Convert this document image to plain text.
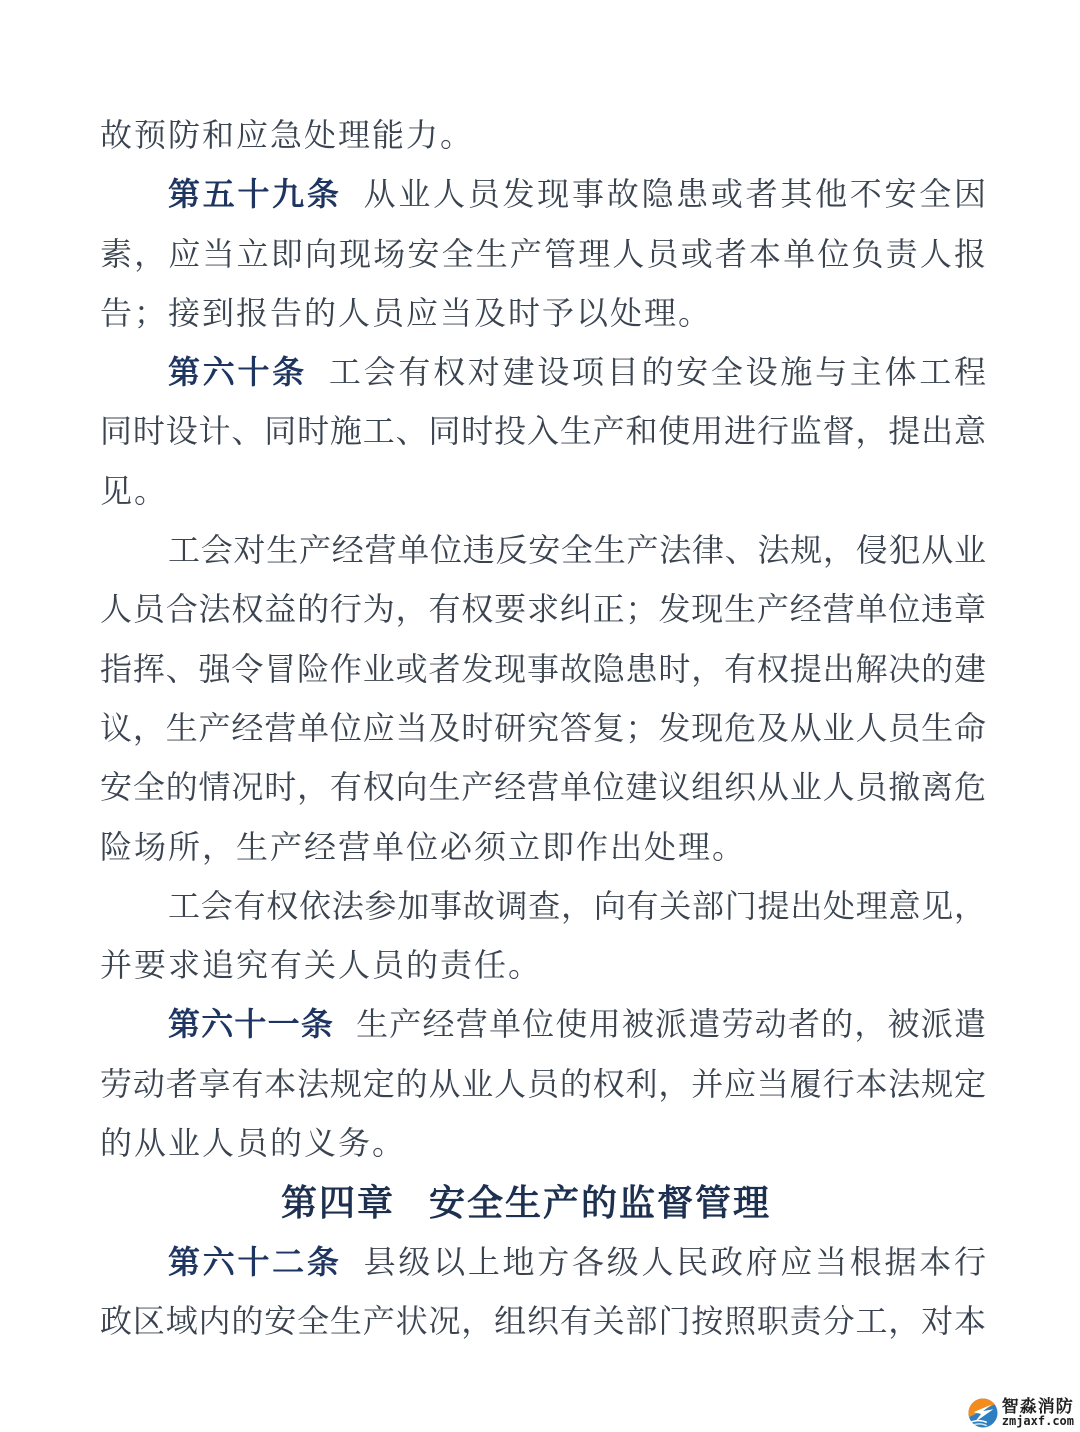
故预防和应急处理能力。
第五十九条 从业人员发现事故隐患或者其他不安全因
素，应当立即向现场安全生产管理人员或者本单位负责人报
告；接到报告的人员应当及时予以处理。
第六十条 工会有权对建设项目的安全设施与主体工程
同时设计、同时施工、同时投入生产和使用进行监督，提出意
见。
工会对生产经营单位违反安全生产法律、法规，侵犯从业
人员合法权益的行为，有权要求纠正；发现生产经营单位违章
指挥、强令冒险作业或者发现事故隐患时，有权提出解决的建
议，生产经营单位应当及时研究答复；发现危及从业人员生命
安全的情况时，有权向生产经营单位建议组织从业人员撤离危
险场所，生产经营单位必须立即作出处理。
工会有权依法参加事故调查，向有关部门提出处理意见，
并要求追究有关人员的责任。
第六十一条 生产经营单位使用被派遣劳动者的，被派遣
劳动者享有本法规定的从业人员的权利，并应当履行本法规定
的从业人员的义务。
第四章 安全生产的监督管理
第六十二条 县级以上地方各级人民政府应当根据本行
政区域内的安全生产状况，组织有关部门按照职责分工，对本
智淼消防
zmjaxf.com
